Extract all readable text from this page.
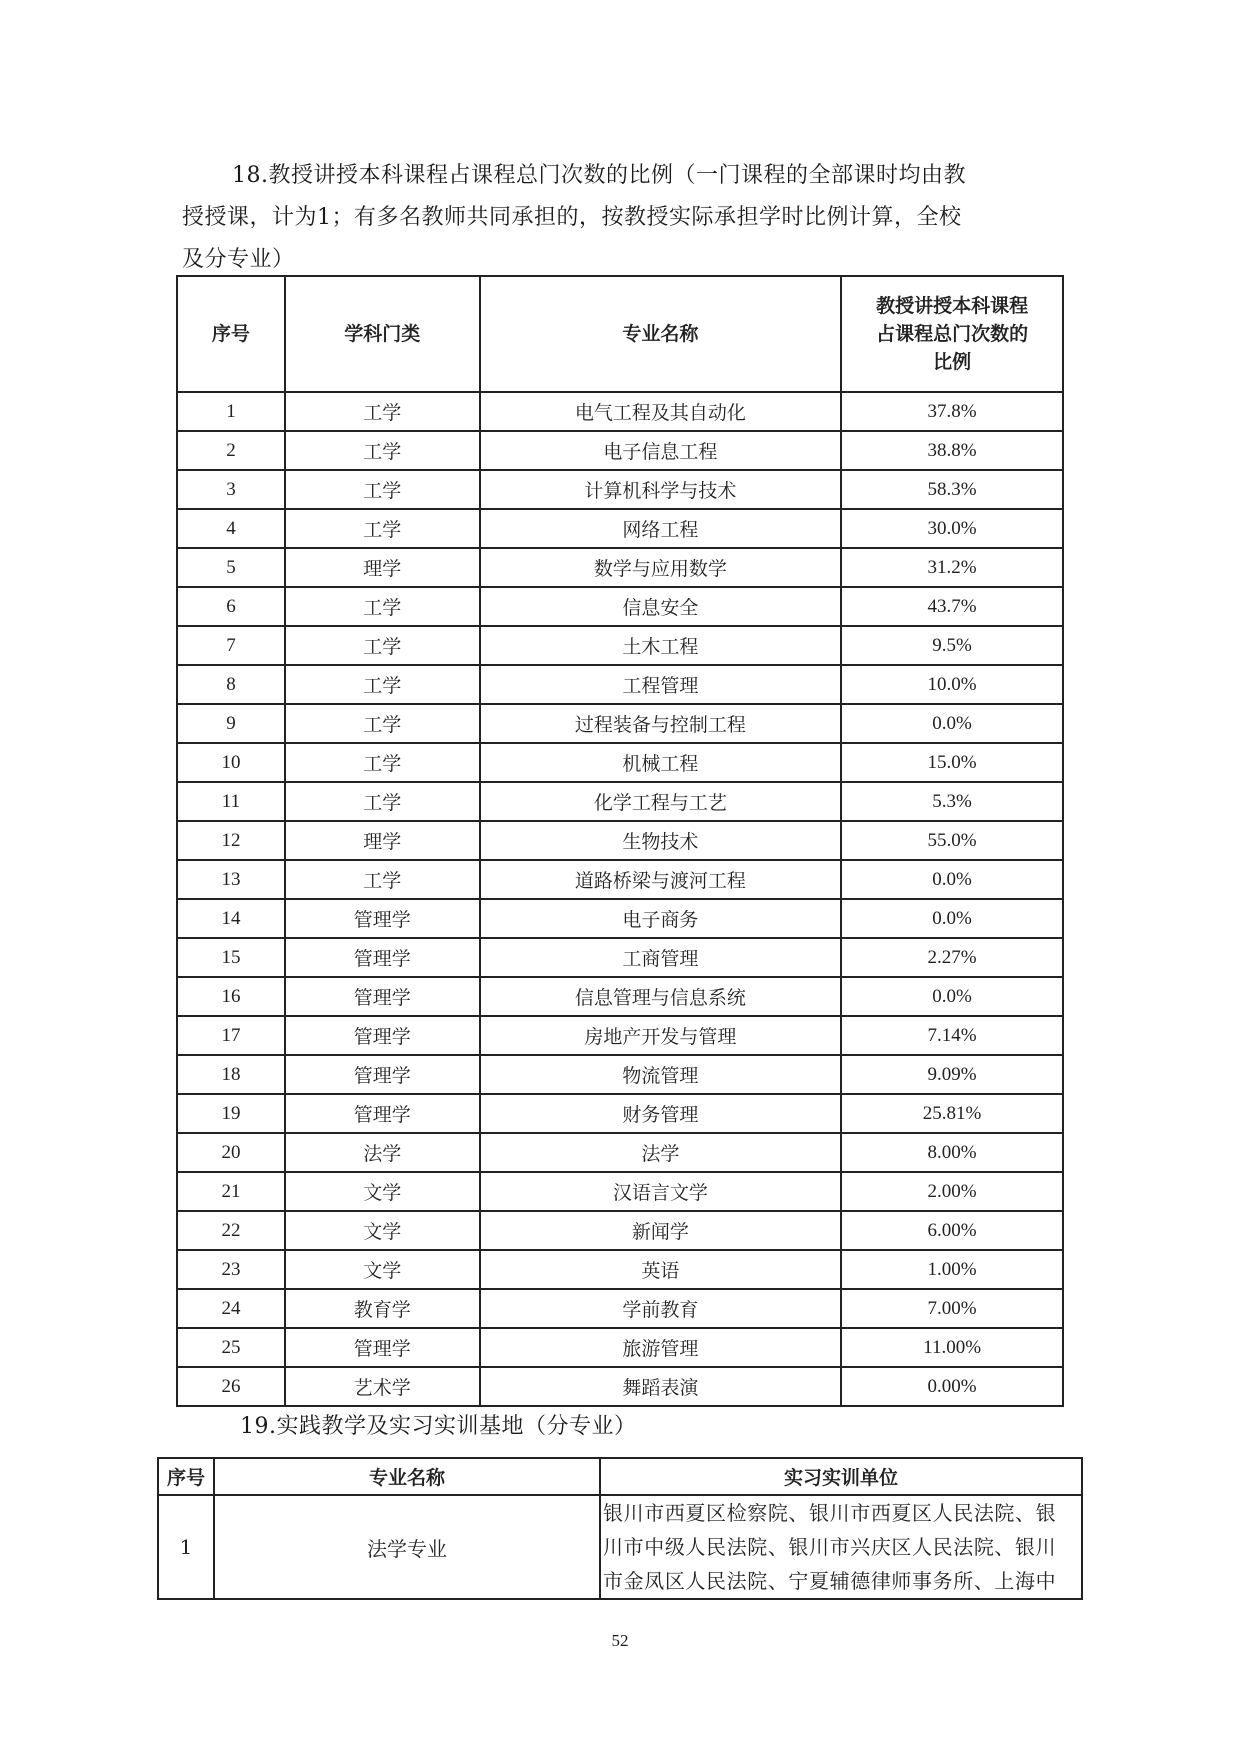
18.教授讲授本科课程占课程总门次数的比例（一门课程的全部课时均由教
授授课，计为1；有多名教师共同承担的，按教授实际承担学时比例计算，全校
及分专业）
序号	学科门类	专业名称	教授讲授本科课程
占课程总门次数的
比例

1	工学	电气工程及其自动化	37.8%
2	工学	电子信息工程	38.8%
3	工学	计算机科学与技术	58.3%
4	工学	网络工程	30.0%
5	理学	数学与应用数学	31.2%
6	工学	信息安全	43.7%
7	工学	土木工程	9.5%
8	工学	工程管理	10.0%
9	工学	过程装备与控制工程	0.0%
10	工学	机械工程	15.0%
11	工学	化学工程与工艺	5.3%
12	理学	生物技术	55.0%
13	工学	道路桥梁与渡河工程	0.0%
14	管理学	电子商务	0.0%
15	管理学	工商管理	2.27%
16	管理学	信息管理与信息系统	0.0%
17	管理学	房地产开发与管理	7.14%
18	管理学	物流管理	9.09%
19	管理学	财务管理	25.81%
20	法学	法学	8.00%
21	文学	汉语言文学	2.00%
22	文学	新闻学	6.00%
23	文学	英语	1.00%
24	教育学	学前教育	7.00%
25	管理学	旅游管理	11.00%
26	艺术学	舞蹈表演	0.00%
19.实践教学及实习实训基地（分专业）
序号	专业名称	实习实训单位
1	法学专业	银川市西夏区检察院、银川市西夏区人民法院、银
川市中级人民法院、银川市兴庆区人民法院、银川
市金凤区人民法院、宁夏辅德律师事务所、上海中
52
